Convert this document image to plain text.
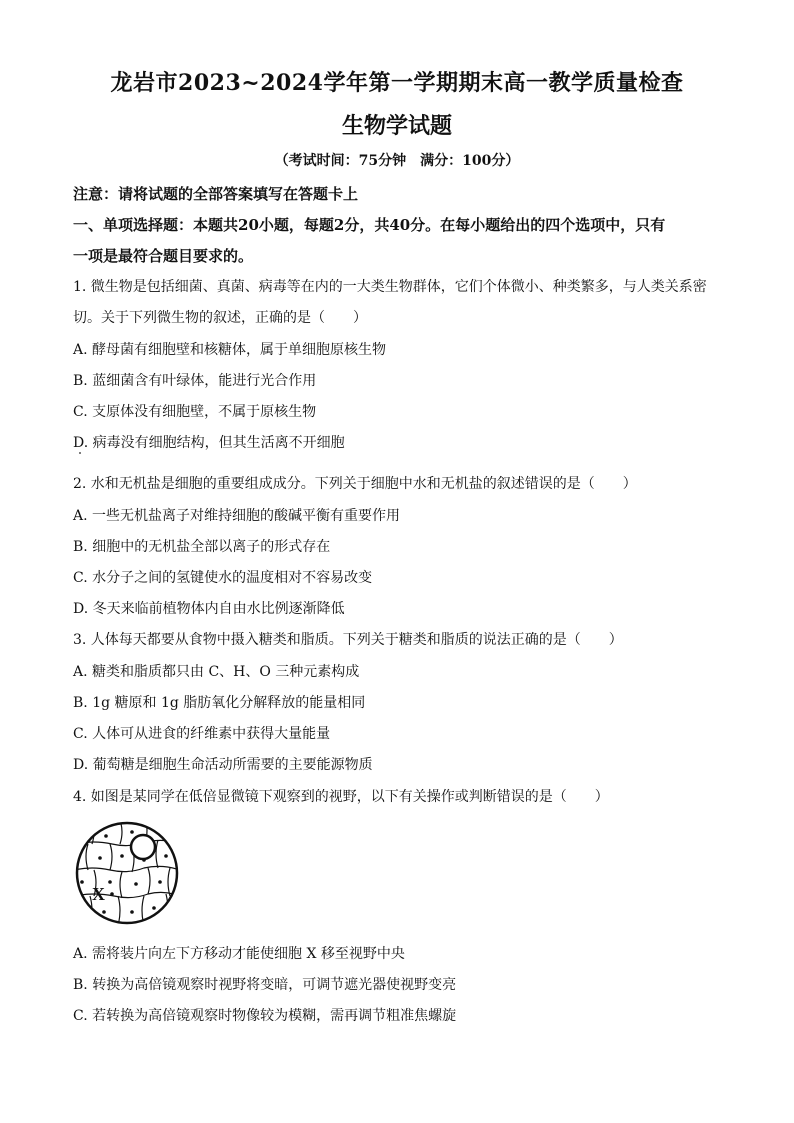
龙岩市2023~2024学年第一学期期末高一教学质量检查
生物学试题
（考试时间：75分钟　满分：100分）
注意：请将试题的全部答案填写在答题卡上
一、单项选择题：本题共20小题，每题2分，共40分。在每小题给出的四个选项中，只有
一项是最符合题目要求的。
1. 微生物是包括细菌、真菌、病毒等在内的一大类生物群体，它们个体微小、种类繁多，与人类关系密
切。关于下列微生物的叙述，正确的是（　　）
A. 酵母菌有细胞壁和核糖体，属于单细胞原核生物
B. 蓝细菌含有叶绿体，能进行光合作用
C. 支原体没有细胞壁，不属于原核生物
D. 病毒没有细胞结构，但其生活离不开细胞
2. 水和无机盐是细胞的重要组成成分。下列关于细胞中水和无机盐的叙述错误的是（　　）
A. 一些无机盐离子对维持细胞的酸碱平衡有重要作用
B. 细胞中的无机盐全部以离子的形式存在
C. 水分子之间的氢键使水的温度相对不容易改变
D. 冬天来临前植物体内自由水比例逐渐降低
3. 人体每天都要从食物中摄入糖类和脂质。下列关于糖类和脂质的说法正确的是（　　）
A. 糖类和脂质都只由 C、H、O 三种元素构成
B. 1g 糖原和 1g 脂肪氧化分解释放的能量相同
C. 人体可从进食的纤维素中获得大量能量
D. 葡萄糖是细胞生命活动所需要的主要能源物质
4. 如图是某同学在低倍显微镜下观察到的视野，以下有关操作或判断错误的是（　　）
X
A. 需将装片向左下方移动才能使细胞 X 移至视野中央
B. 转换为高倍镜观察时视野将变暗，可调节遮光器使视野变亮
C. 若转换为高倍镜观察时物像较为模糊，需再调节粗准焦螺旋
